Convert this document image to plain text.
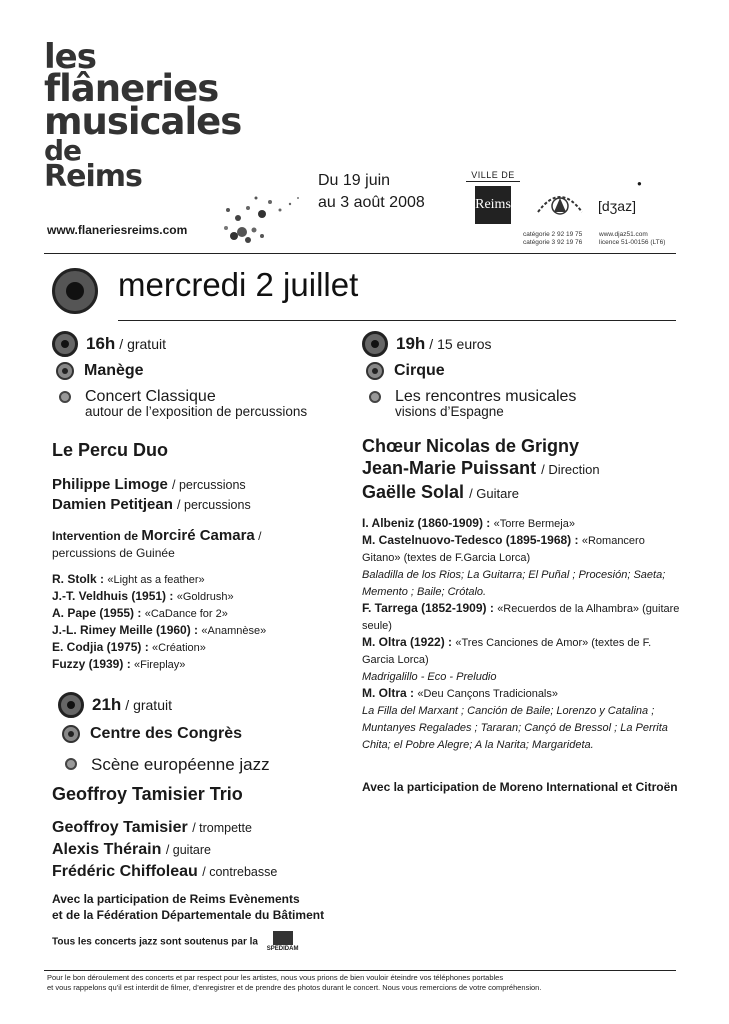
les
flâneries
musicales
de
Reims
www.flaneriesreims.com
Du 19 juin
au 3 août 2008
VILLE DE
Reims
●
[dʒaz]
catégorie 2 92 19 75
catégorie 3 92 19 76
www.djaz51.com
licence 51-00156 (LT6)
mercredi 2 juillet
16h / gratuit
Manège
Concert Classique
autour de l’exposition de percussions
Le Percu Duo
Philippe Limoge / percussions
Damien Petitjean / percussions
Intervention de Morciré Camara /
percussions de Guinée
R. Stolk : «Light as a feather»
J.-T. Veldhuis (1951) : «Goldrush»
A. Pape (1955) : «CaDance for 2»
J.-L. Rimey Meille (1960) : «Anamnèse»
E. Codjia (1975) : «Création»
Fuzzy (1939) : «Fireplay»
21h / gratuit
Centre des Congrès
Scène européenne jazz
Geoffroy Tamisier Trio
Geoffroy Tamisier / trompette
Alexis Thérain / guitare
Frédéric Chiffoleau / contrebasse
Avec la participation de Reims Evènements
et de la Fédération Départementale du Bâtiment
Tous les concerts jazz sont soutenus par la
SPEDIDAM
19h / 15 euros
Cirque
Les rencontres musicales
visions d’Espagne
Chœur Nicolas de Grigny
Jean-Marie Puissant / Direction
Gaëlle Solal / Guitare
I. Albeniz (1860-1909) : «Torre Bermeja»
M. Castelnuovo-Tedesco (1895-1968) : «Romancero Gitano» (textes de F.Garcia Lorca)
Baladilla de los Rios; La Guitarra; El Puñal ; Procesión; Saeta; Memento ; Baile; Crótalo.
F. Tarrega (1852-1909) : «Recuerdos de la Alhambra» (guitare seule)
M. Oltra (1922) : «Tres Canciones de Amor» (textes de F. Garcia Lorca)
Madrigalillo - Eco - Preludio
M. Oltra : «Deu Cançons Tradicionals»
La Filla del Marxant ; Canción de Baile; Lorenzo y Catalina ; Muntanyes Regalades ; Tararan; Cançó de Bressol ; La Perrita Chita; el Pobre Alegre; A la Narita; Margarideta.
Avec la participation de Moreno International et Citroën
Pour le bon déroulement des concerts et par respect pour les artistes, nous vous prions de bien vouloir éteindre vos téléphones portables
et vous rappelons qu’il est interdit de filmer, d’enregistrer et de prendre des photos durant le concert. Nous vous remercions de votre compréhension.
